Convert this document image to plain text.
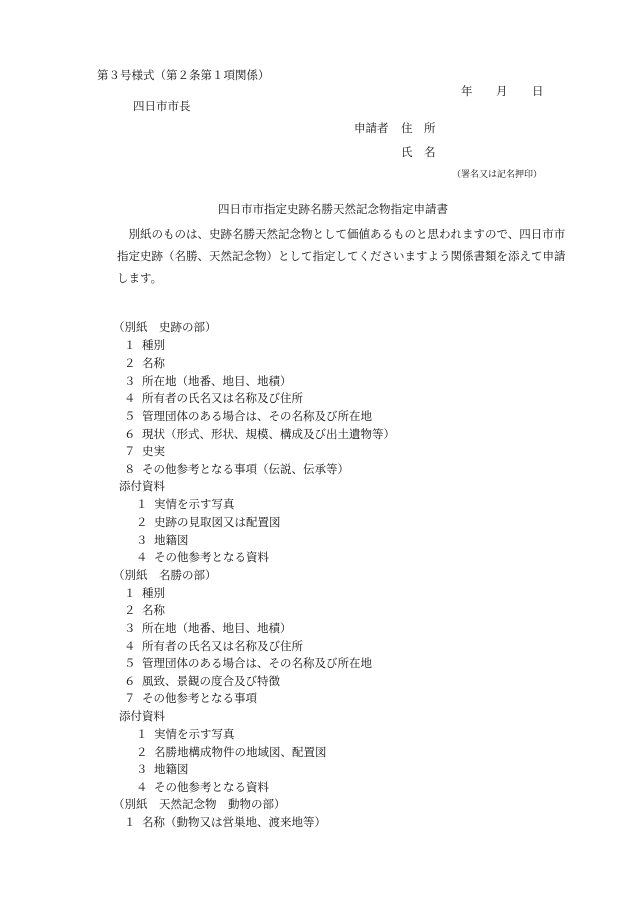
第３号様式（第２条第１項関係）
年 月 日
四日市市長
申請者 住　所
氏　名
（署名又は記名押印）
四日市市指定史跡名勝天然記念物指定申請書
　別紙のものは、史跡名勝天然記念物として価値あるものと思われますので、四日市市
指定史跡（名勝、天然記念物）として指定してくださいますよう関係書類を添えて申請
します。
（別紙　史跡の部）
１ 種別
２ 名称
３ 所在地（地番、地目、地積）
４ 所有者の氏名又は名称及び住所
５ 管理団体のある場合は、その名称及び所在地
６ 現状（形式、形状、規模、構成及び出土遺物等）
７ 史実
８ その他参考となる事項（伝説、伝承等）
添付資料
１ 実情を示す写真
２ 史跡の見取図又は配置図
３ 地籍図
４ その他参考となる資料
（別紙　名勝の部）
１ 種別
２ 名称
３ 所在地（地番、地目、地積）
４ 所有者の氏名又は名称及び住所
５ 管理団体のある場合は、その名称及び所在地
６ 風致、景観の度合及び特徴
７ その他参考となる事項
添付資料
１ 実情を示す写真
２ 名勝地構成物件の地域図、配置図
３ 地籍図
４ その他参考となる資料
（別紙　天然記念物　動物の部）
１ 名称（動物又は営巣地、渡来地等）
